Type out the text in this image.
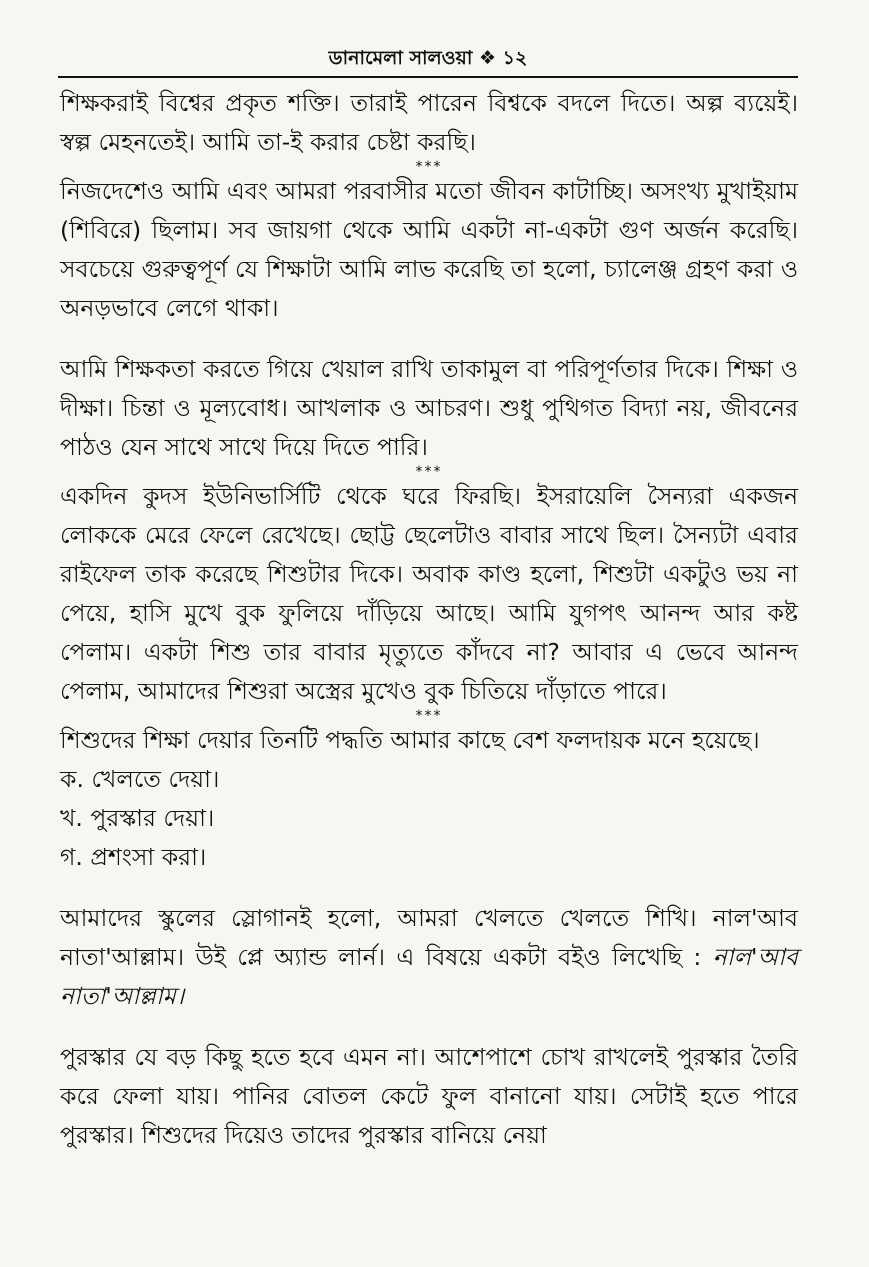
ডানামেলা সালওয়া ❖ ১২

শিক্ষকরাই বিশ্বের প্রকৃত শক্তি। তারাই পারেন বিশ্বকে বদলে দিতে। অল্প ব্যয়েই। স্বল্প মেহনতেই। আমি তা-ই করার চেষ্টা করছি।

***

নিজদেশেও আমি এবং আমরা পরবাসীর মতো জীবন কাটাচ্ছি। অসংখ্য মুখাইয়াম (শিবিরে) ছিলাম। সব জায়গা থেকে আমি একটা না-একটা গুণ অর্জন করেছি। সবচেয়ে গুরুত্বপূর্ণ যে শিক্ষাটা আমি লাভ করেছি তা হলো, চ্যালেঞ্জ গ্রহণ করা ও অনড়ভাবে লেগে থাকা।

আমি শিক্ষকতা করতে গিয়ে খেয়াল রাখি তাকামুল বা পরিপূর্ণতার দিকে। শিক্ষা ও দীক্ষা। চিন্তা ও মূল্যবোধ। আখলাক ও আচরণ। শুধু পুথিগত বিদ্যা নয়, জীবনের পাঠও যেন সাথে সাথে দিয়ে দিতে পারি।

***

একদিন কুদস ইউনিভার্সিটি থেকে ঘরে ফিরছি। ইসরায়েলি সৈন্যরা একজন লোককে মেরে ফেলে রেখেছে। ছোট্ট ছেলেটাও বাবার সাথে ছিল। সৈন্যটা এবার রাইফেল তাক করেছে শিশুটার দিকে। অবাক কাণ্ড হলো, শিশুটা একটুও ভয় না পেয়ে, হাসি মুখে বুক ফুলিয়ে দাঁড়িয়ে আছে। আমি যুগপৎ আনন্দ আর কষ্ট পেলাম। একটা শিশু তার বাবার মৃত্যুতে কাঁদবে না? আবার এ ভেবে আনন্দ পেলাম, আমাদের শিশুরা অস্ত্রের মুখেও বুক চিতিয়ে দাঁড়াতে পারে।

***

শিশুদের শিক্ষা দেয়ার তিনটি পদ্ধতি আমার কাছে বেশ ফলদায়ক মনে হয়েছে।

ক. খেলতে দেয়া।

খ. পুরস্কার দেয়া।

গ. প্রশংসা করা।

আমাদের স্কুলের স্লোগানই হলো, আমরা খেলতে খেলতে শিখি। নাল'আব নাতা'আল্লাম। উই প্লে অ্যান্ড লার্ন। এ বিষয়ে একটা বইও লিখেছি : নাল'আব নাতা'আল্লাম।

পুরস্কার যে বড় কিছু হতে হবে এমন না। আশেপাশে চোখ রাখলেই পুরস্কার তৈরি করে ফেলা যায়। পানির বোতল কেটে ফুল বানানো যায়। সেটাই হতে পারে পুরস্কার। শিশুদের দিয়েও তাদের পুরস্কার বানিয়ে নেয়া
